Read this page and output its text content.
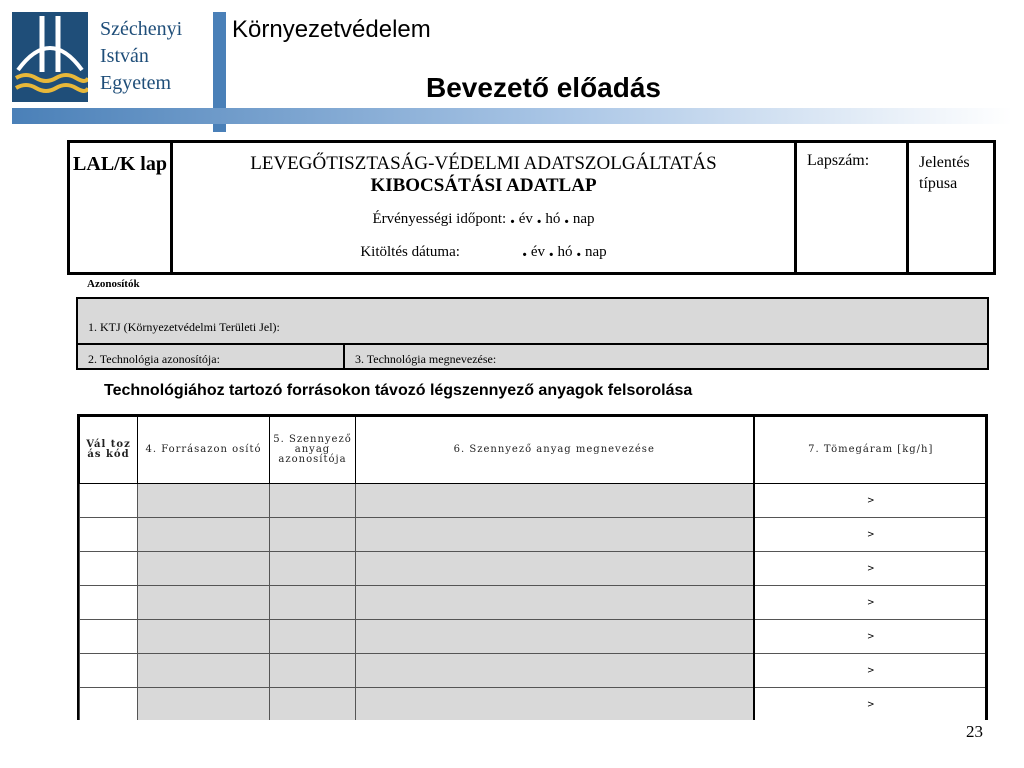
Széchenyi
István
Egyetem
Környezetvédelem
Bevezető előadás
LAL/K lap	LEVEGŐTISZTASÁG-VÉDELMI ADATSZOLGÁLTATÁS
KIBOCSÁTÁSI ADATLAP
Érvényességi időpont: . év . hó . nap
Kitöltés dátuma:	. év . hó . nap
Lapszám:	Jelentés típusa
Azonosítók
1. KTJ (Környezetvédelmi Területi Jel):
2. Technológia azonosítója:	3. Technológia megnevezése:
Technológiához tartozó forrásokon távozó légszennyező anyagok felsorolása
Vál toz ás kód	4. Forrásazon osító	5. Szennyező anyag azonosítója	6. Szennyező anyag megnevezése	7. Tömegáram [kg/h]
				>
				>
				>
				>
				>
				>
				>
23
